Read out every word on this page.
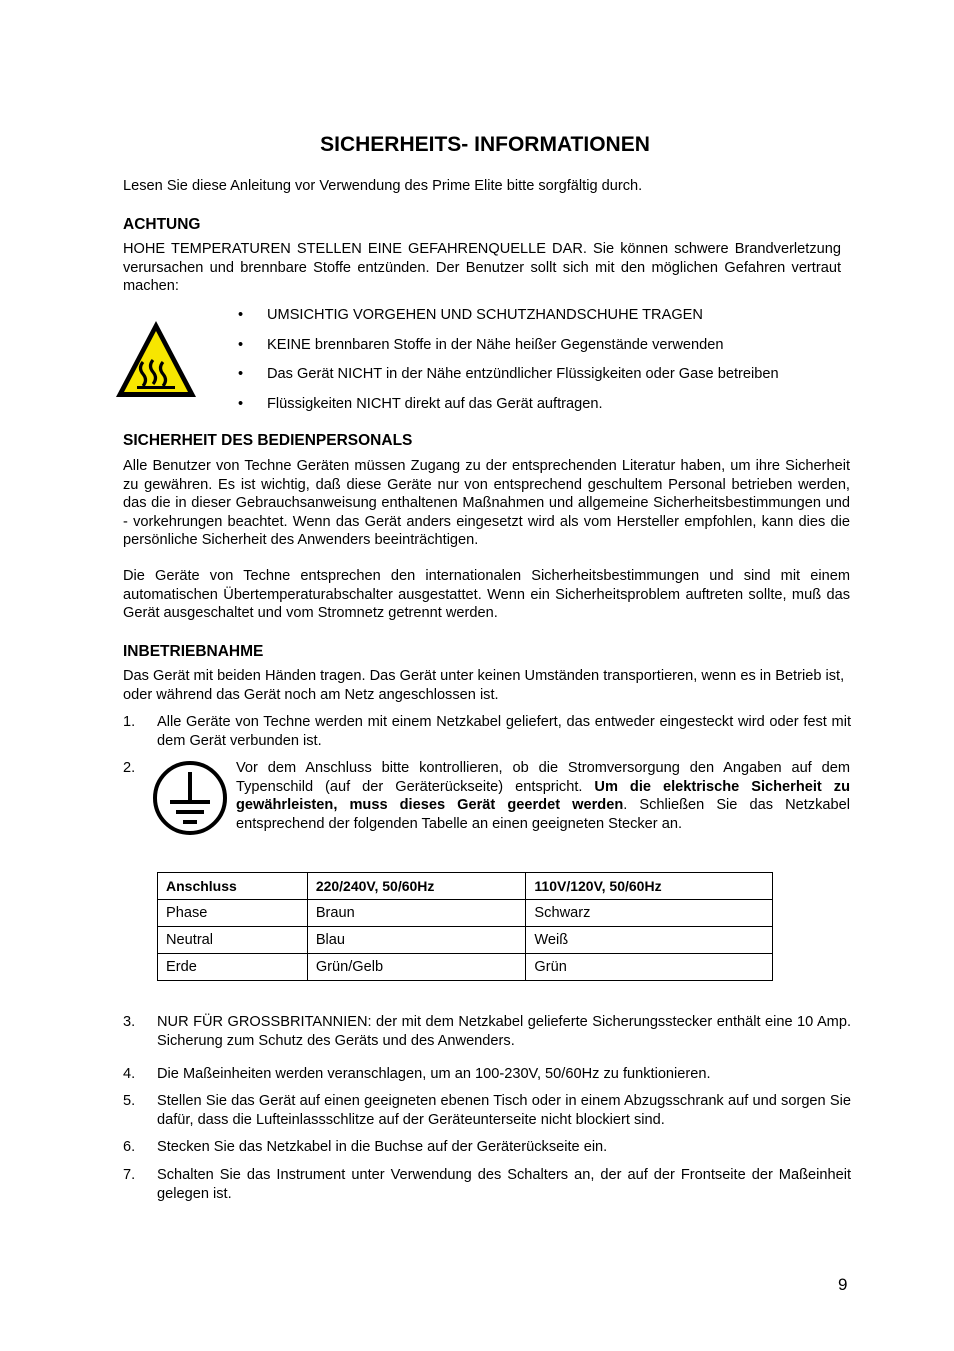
SICHERHEITS- INFORMATIONEN

Lesen Sie diese Anleitung vor Verwendung des Prime Elite bitte sorgfältig durch.

ACHTUNG

HOHE TEMPERATUREN STELLEN EINE GEFAHRENQUELLE DAR. Sie können schwere Brandverletzung verursachen und brennbare Stoffe entzünden. Der Benutzer sollt sich mit den möglichen Gefahren vertraut machen:

• UMSICHTIG VORGEHEN UND SCHUTZHANDSCHUHE TRAGEN
• KEINE brennbaren Stoffe in der Nähe heißer Gegenstände verwenden
• Das Gerät NICHT in der Nähe entzündlicher Flüssigkeiten oder Gase betreiben
• Flüssigkeiten NICHT direkt auf das Gerät auftragen.
SICHERHEIT DES BEDIENPERSONALS

Alle Benutzer von Techne Geräten müssen Zugang zu der entsprechenden Literatur haben, um ihre Sicherheit zu gewähren. Es ist wichtig, daß diese Geräte nur von entsprechend geschultem Personal betrieben werden, das die in dieser Gebrauchsanweisung enthaltenen Maßnahmen und allgemeine Sicherheitsbestimmungen und - vorkehrungen beachtet. Wenn das Gerät anders eingesetzt wird als vom Hersteller empfohlen, kann dies die persönliche Sicherheit des Anwenders beeinträchtigen.

Die Geräte von Techne entsprechen den internationalen Sicherheitsbestimmungen und sind mit einem automatischen Übertemperaturabschalter ausgestattet. Wenn ein Sicherheitsproblem auftreten sollte, muß das Gerät ausgeschaltet und vom Stromnetz getrennt werden.

INBETRIEBNAHME

Das Gerät mit beiden Händen tragen. Das Gerät unter keinen Umständen transportieren, wenn es in Betrieb ist, oder während das Gerät noch am Netz angeschlossen ist.

1. Alle Geräte von Techne werden mit einem Netzkabel geliefert, das entweder eingesteckt wird oder fest mit dem Gerät verbunden ist.

2.	Vor dem Anschluss bitte kontrollieren, ob die Stromversorgung den Angaben auf dem Typenschild (auf der Geräterückseite) entspricht. Um die elektrische Sicherheit zu gewährleisten, muss dieses Gerät geerdet werden. Schließen Sie das Netzkabel entsprechend der folgenden Tabelle an einen geeigneten Stecker an.

Anschluss	220/240V, 50/60Hz	110V/120V, 50/60Hz
Phase	Braun	Schwarz
Neutral	Blau	Weiß
Erde	Grün/Gelb	Grün
3. NUR FÜR GROSSBRITANNIEN: der mit dem Netzkabel gelieferte Sicherungsstecker enthält eine 10 Amp. Sicherung zum Schutz des Geräts und des Anwenders.

4. Die Maßeinheiten werden veranschlagen, um an 100-230V, 50/60Hz zu funktionieren.

5. Stellen Sie das Gerät auf einen geeigneten ebenen Tisch oder in einem Abzugsschrank auf und sorgen Sie dafür, dass die Lufteinlassschlitze auf der Geräteunterseite nicht blockiert sind.

6. Stecken Sie das Netzkabel in die Buchse auf der Geräterückseite ein.

7. Schalten Sie das Instrument unter Verwendung des Schalters an, der auf der Frontseite der Maßeinheit gelegen ist.

9
